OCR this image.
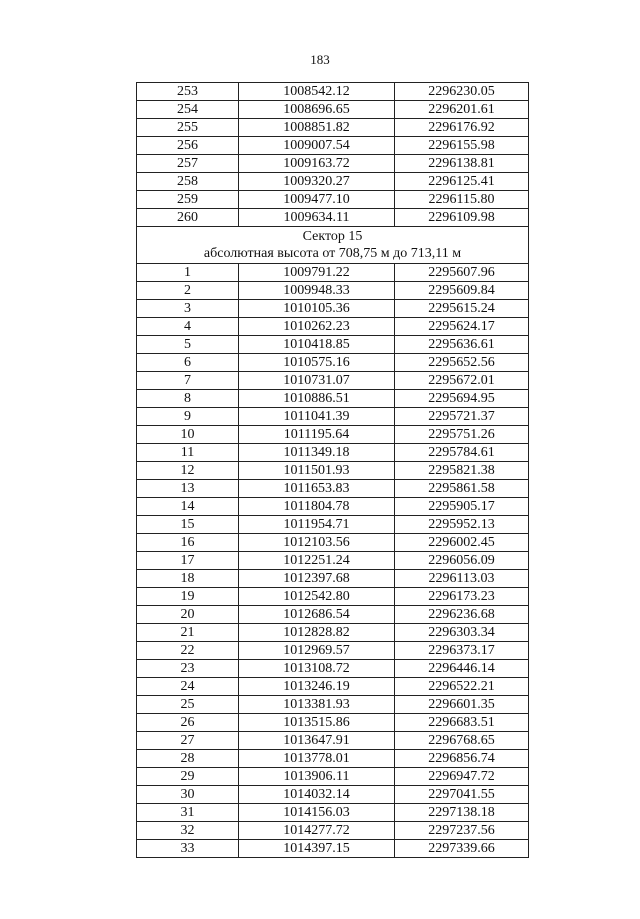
183
253	1008542.12	2296230.05
254	1008696.65	2296201.61
255	1008851.82	2296176.92
256	1009007.54	2296155.98
257	1009163.72	2296138.81
258	1009320.27	2296125.41
259	1009477.10	2296115.80
260	1009634.11	2296109.98

Сектор 15
абсолютная высота от 708,75 м до 713,11 м		

1	1009791.22	2295607.96
2	1009948.33	2295609.84
3	1010105.36	2295615.24
4	1010262.23	2295624.17
5	1010418.85	2295636.61
6	1010575.16	2295652.56
7	1010731.07	2295672.01
8	1010886.51	2295694.95
9	1011041.39	2295721.37
10	1011195.64	2295751.26
11	1011349.18	2295784.61
12	1011501.93	2295821.38
13	1011653.83	2295861.58
14	1011804.78	2295905.17
15	1011954.71	2295952.13
16	1012103.56	2296002.45
17	1012251.24	2296056.09
18	1012397.68	2296113.03
19	1012542.80	2296173.23
20	1012686.54	2296236.68
21	1012828.82	2296303.34
22	1012969.57	2296373.17
23	1013108.72	2296446.14
24	1013246.19	2296522.21
25	1013381.93	2296601.35
26	1013515.86	2296683.51
27	1013647.91	2296768.65
28	1013778.01	2296856.74
29	1013906.11	2296947.72
30	1014032.14	2297041.55
31	1014156.03	2297138.18
32	1014277.72	2297237.56
33	1014397.15	2297339.66
